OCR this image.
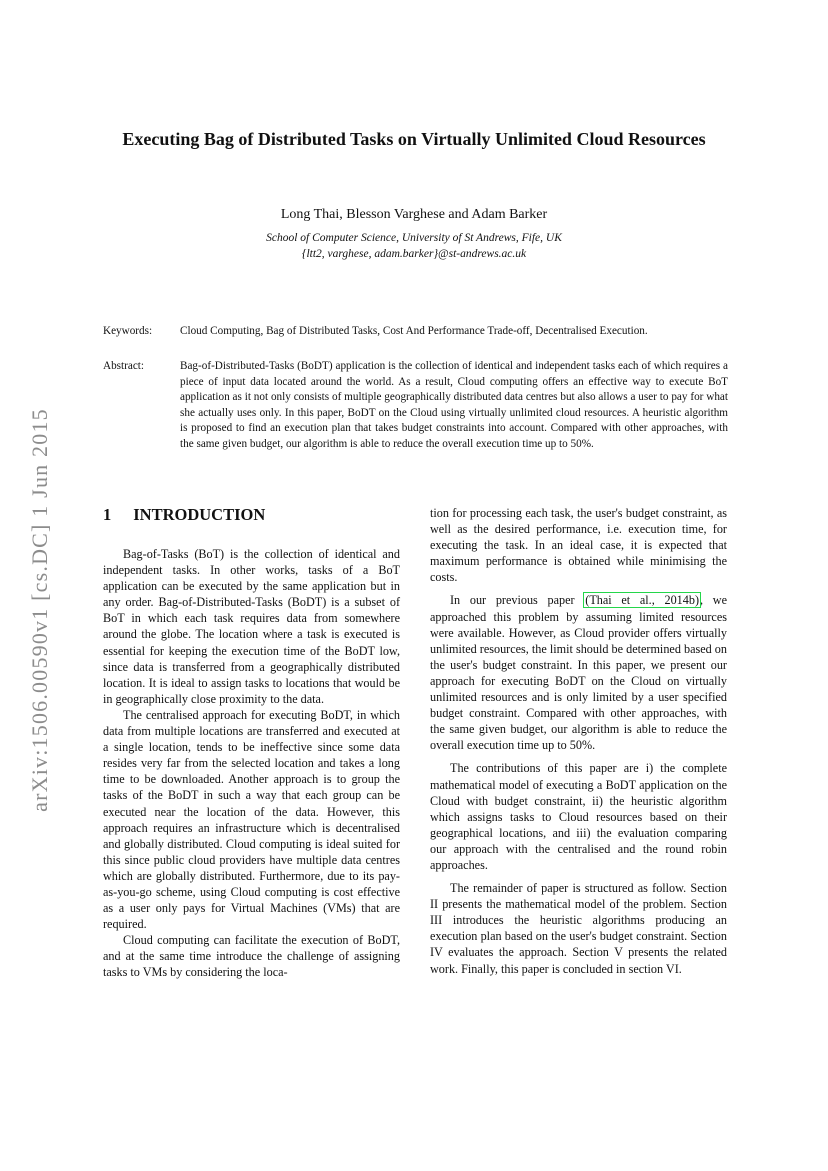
arXiv:1506.00590v1 [cs.DC] 1 Jun 2015
Executing Bag of Distributed Tasks on Virtually Unlimited Cloud Resources
Long Thai, Blesson Varghese and Adam Barker
School of Computer Science, University of St Andrews, Fife, UK
{ltt2, varghese, adam.barker}@st-andrews.ac.uk
Keywords:	Cloud Computing, Bag of Distributed Tasks, Cost And Performance Trade-off, Decentralised Execution.
Abstract:	Bag-of-Distributed-Tasks (BoDT) application is the collection of identical and independent tasks each of which requires a piece of input data located around the world. As a result, Cloud computing offers an effective way to execute BoT application as it not only consists of multiple geographically distributed data centres but also allows a user to pay for what she actually uses only. In this paper, BoDT on the Cloud using virtually unlimited cloud resources. A heuristic algorithm is proposed to find an execution plan that takes budget constraints into account. Compared with other approaches, with the same given budget, our algorithm is able to reduce the overall execution time up to 50%.
1 INTRODUCTION

Bag-of-Tasks (BoT) is the collection of identical and independent tasks. In other works, tasks of a BoT application can be executed by the same application but in any order. Bag-of-Distributed-Tasks (BoDT) is a subset of BoT in which each task requires data from somewhere around the globe. The location where a task is executed is essential for keeping the execution time of the BoDT low, since data is transferred from a geographically distributed location. It is ideal to assign tasks to locations that would be in geographically close proximity to the data.

The centralised approach for executing BoDT, in which data from multiple locations are transferred and executed at a single location, tends to be ineffective since some data resides very far from the selected location and takes a long time to be downloaded. Another approach is to group the tasks of the BoDT in such a way that each group can be executed near the location of the data. However, this approach requires an infrastructure which is decentralised and globally distributed. Cloud computing is ideal suited for this since public cloud providers have multiple data centres which are globally distributed. Furthermore, due to its pay-as-you-go scheme, using Cloud computing is cost effective as a user only pays for Virtual Machines (VMs) that are required.

Cloud computing can facilitate the execution of BoDT, and at the same time introduce the challenge of assigning tasks to VMs by considering the loca-

tion for processing each task, the user's budget constraint, as well as the desired performance, i.e. execution time, for executing the task. In an ideal case, it is expected that maximum performance is obtained while minimising the costs.

In our previous paper (Thai et al., 2014b), we approached this problem by assuming limited resources were available. However, as Cloud provider offers virtually unlimited resources, the limit should be determined based on the user's budget constraint. In this paper, we present our approach for executing BoDT on the Cloud on virtually unlimited resources and is only limited by a user specified budget constraint. Compared with other approaches, with the same given budget, our algorithm is able to reduce the overall execution time up to 50%.

The contributions of this paper are i) the complete mathematical model of executing a BoDT application on the Cloud with budget constraint, ii) the heuristic algorithm which assigns tasks to Cloud resources based on their geographical locations, and iii) the evaluation comparing our approach with the centralised and the round robin approaches.

The remainder of paper is structured as follow. Section II presents the mathematical model of the problem. Section III introduces the heuristic algorithms producing an execution plan based on the user's budget constraint. Section IV evaluates the approach. Section V presents the related work. Finally, this paper is concluded in section VI.
